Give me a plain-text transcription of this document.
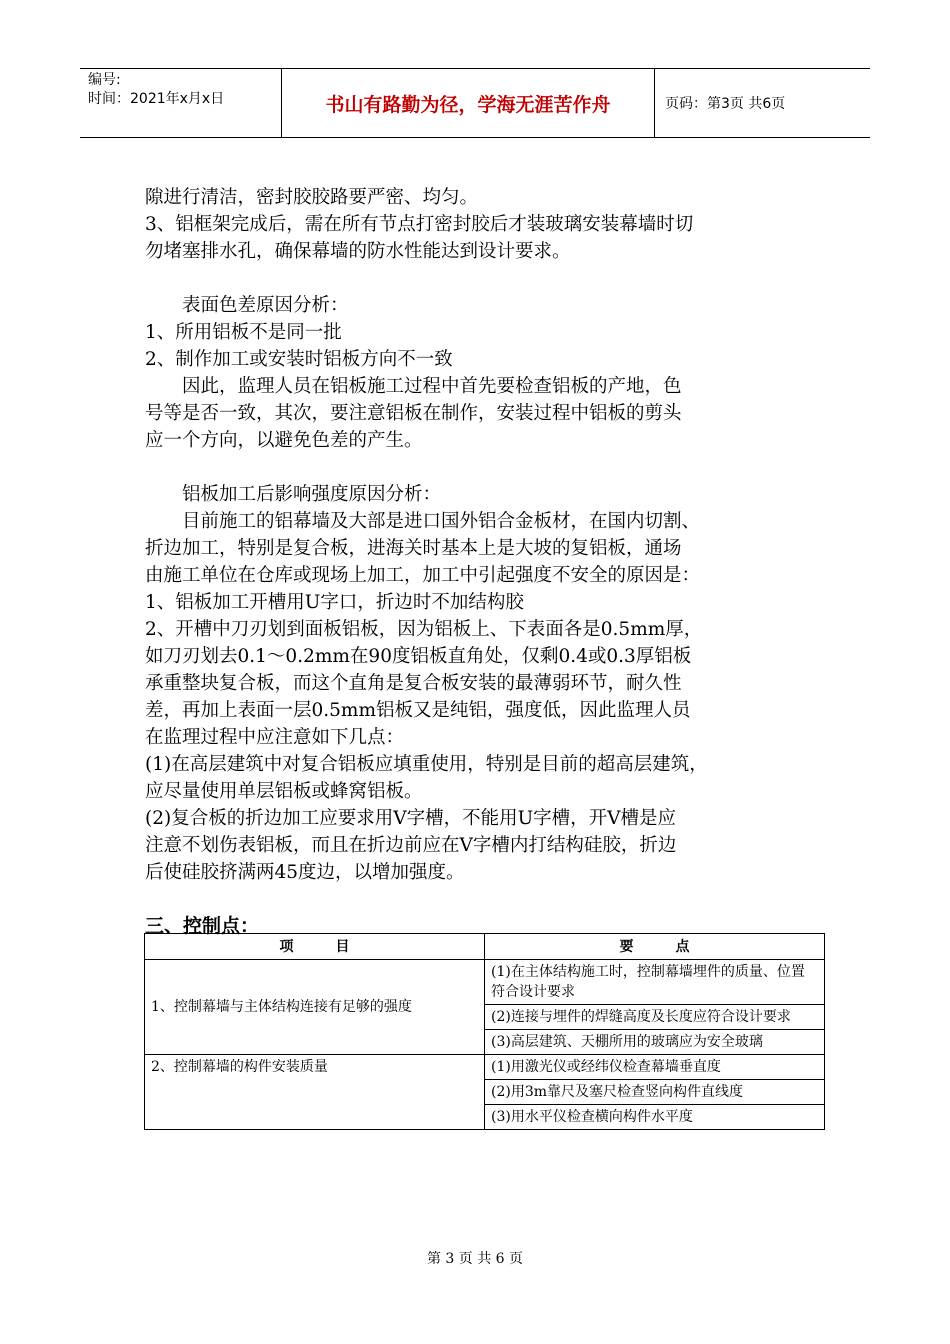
编号:
时间：2021年x月x日	书山有路勤为径，学海无涯苦作舟	页码：第3页 共6页

隙进行清洁，密封胶胶路要严密、均匀。

3、铝框架完成后，需在所有节点打密封胶后才装玻璃安装幕墙时切

勿堵塞排水孔，确保幕墙的防水性能达到设计要求。

　　表面色差原因分析：

1、所用铝板不是同一批

2、制作加工或安装时铝板方向不一致

　　因此，监理人员在铝板施工过程中首先要检查铝板的产地，色

号等是否一致，其次，要注意铝板在制作，安装过程中铝板的剪头

应一个方向，以避免色差的产生。

　　铝板加工后影响强度原因分析：

　　目前施工的铝幕墙及大部是进口国外铝合金板材，在国内切割、

折边加工，特别是复合板，进海关时基本上是大坡的复铝板，通场

由施工单位在仓库或现场上加工，加工中引起强度不安全的原因是：

1、铝板加工开槽用U字口，折边时不加结构胶

2、开槽中刀刃划到面板铝板，因为铝板上、下表面各是0.5mm厚，

如刀刃划去0.1～0.2mm在90度铝板直角处，仅剩0.4或0.3厚铝板

承重整块复合板，而这个直角是复合板安装的最薄弱环节，耐久性

差，再加上表面一层0.5mm铝板又是纯铝，强度低，因此监理人员

在监理过程中应注意如下几点：

(1)在高层建筑中对复合铝板应填重使用，特别是目前的超高层建筑，

应尽量使用单层铝板或蜂窝铝板。

(2)复合板的折边加工应要求用V字槽，不能用U字槽，开V槽是应

注意不划伤表铝板，而且在折边前应在V字槽内打结构硅胶，折边

后使硅胶挤满两45度边，以增加强度。

三、控制点：

项　　　目	要　　　点
1、控制幕墙与主体结构连接有足够的强度	(1)在主体结构施工时，控制幕墙埋件的质量、位置符合设计要求
	(2)连接与埋件的焊缝高度及长度应符合设计要求
	(3)高层建筑、天棚所用的玻璃应为安全玻璃
2、控制幕墙的构件安装质量	(1)用激光仪或经纬仪检查幕墙垂直度
	(2)用3m靠尺及塞尺检查竖向构件直线度
	(3)用水平仪检查横向构件水平度
第 3 页 共 6 页
